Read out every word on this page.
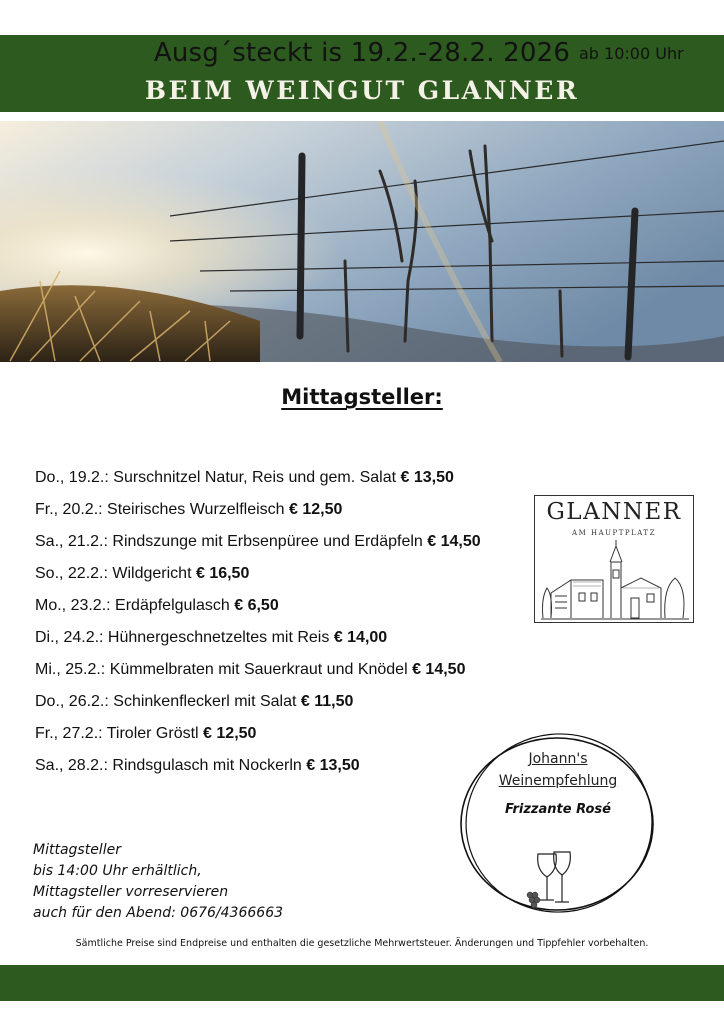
Ausg´steckt is 19.2.-28.2. 2026 ab 10:00 Uhr
BEIM WEINGUT GLANNER
Mittagsteller:
Do., 19.2.: Surschnitzel Natur, Reis und gem. Salat € 13,50
Fr., 20.2.: Steirisches Wurzelfleisch € 12,50
Sa., 21.2.: Rindszunge mit Erbsenpüree und Erdäpfeln € 14,50
So., 22.2.: Wildgericht € 16,50
Mo., 23.2.: Erdäpfelgulasch € 6,50
Di., 24.2.: Hühnergeschnetzeltes mit Reis € 14,00
Mi., 25.2.: Kümmelbraten mit Sauerkraut und Knödel € 14,50
Do., 26.2.: Schinkenfleckerl mit Salat € 11,50
Fr., 27.2.: Tiroler Gröstl € 12,50
Sa., 28.2.: Rindsgulasch mit Nockerln € 13,50
GLANNER
AM HAUPTPLATZ
Johann's
Weinempfehlung
Frizzante Rosé
Mittagsteller
bis 14:00 Uhr erhältlich,
Mittagsteller vorreservieren
auch für den Abend: 0676/4366663
Sämtliche Preise sind Endpreise und enthalten die gesetzliche Mehrwertsteuer. Änderungen und Tippfehler vorbehalten.
